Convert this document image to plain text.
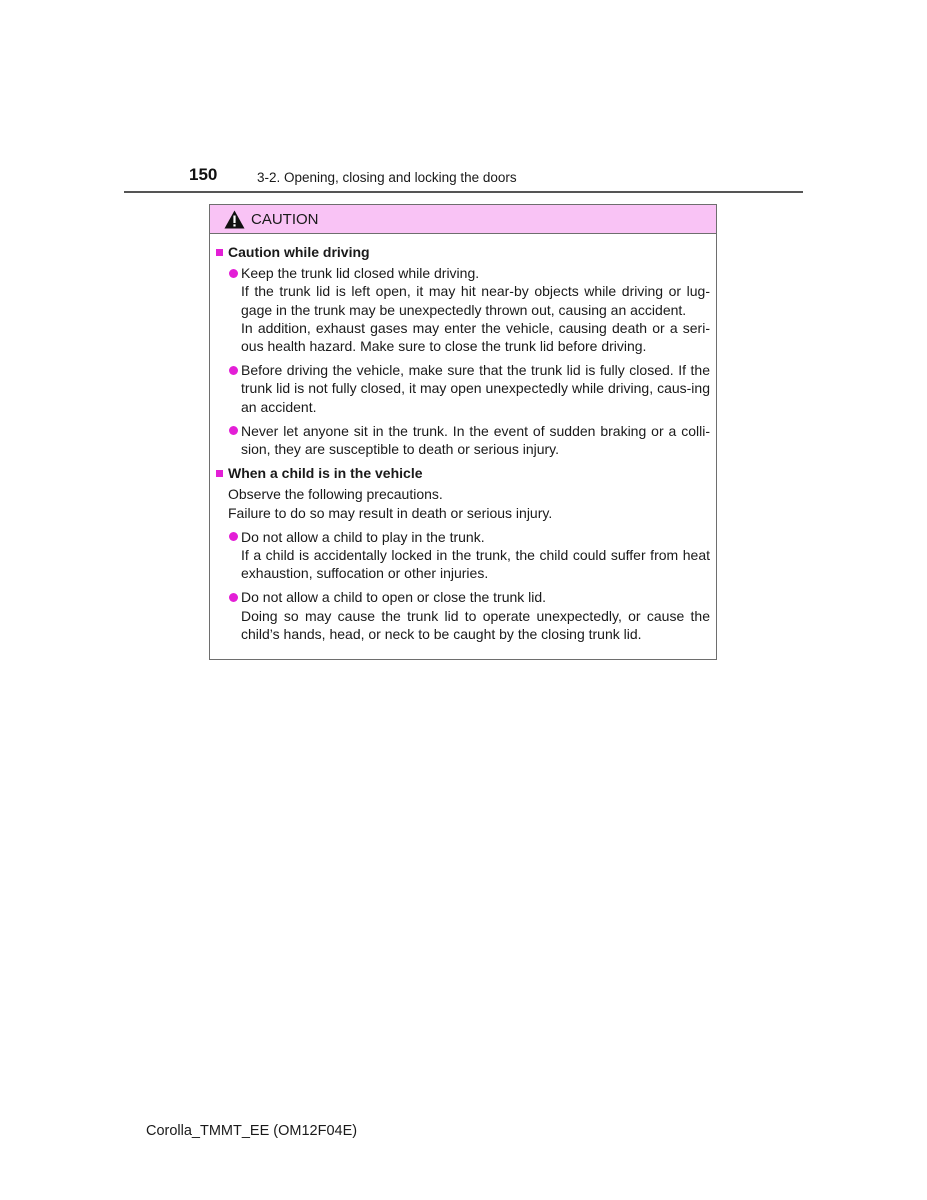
150	3-2. Opening, closing and locking the doors
CAUTION
Caution while driving

Keep the trunk lid closed while driving.

If the trunk lid is left open, it may hit near-by objects while driving or lug-gage in the trunk may be unexpectedly thrown out, causing an accident.

In addition, exhaust gases may enter the vehicle, causing death or a seri-ous health hazard. Make sure to close the trunk lid before driving.

Before driving the vehicle, make sure that the trunk lid is fully closed. If the trunk lid is not fully closed, it may open unexpectedly while driving, caus-ing an accident.

Never let anyone sit in the trunk. In the event of sudden braking or a colli-sion, they are susceptible to death or serious injury.

When a child is in the vehicle
Observe the following precautions.
Failure to do so may result in death or serious injury.

Do not allow a child to play in the trunk.

If a child is accidentally locked in the trunk, the child could suffer from heat exhaustion, suffocation or other injuries.

Do not allow a child to open or close the trunk lid.

Doing so may cause the trunk lid to operate unexpectedly, or cause the child’s hands, head, or neck to be caught by the closing trunk lid.

Corolla_TMMT_EE (OM12F04E)
